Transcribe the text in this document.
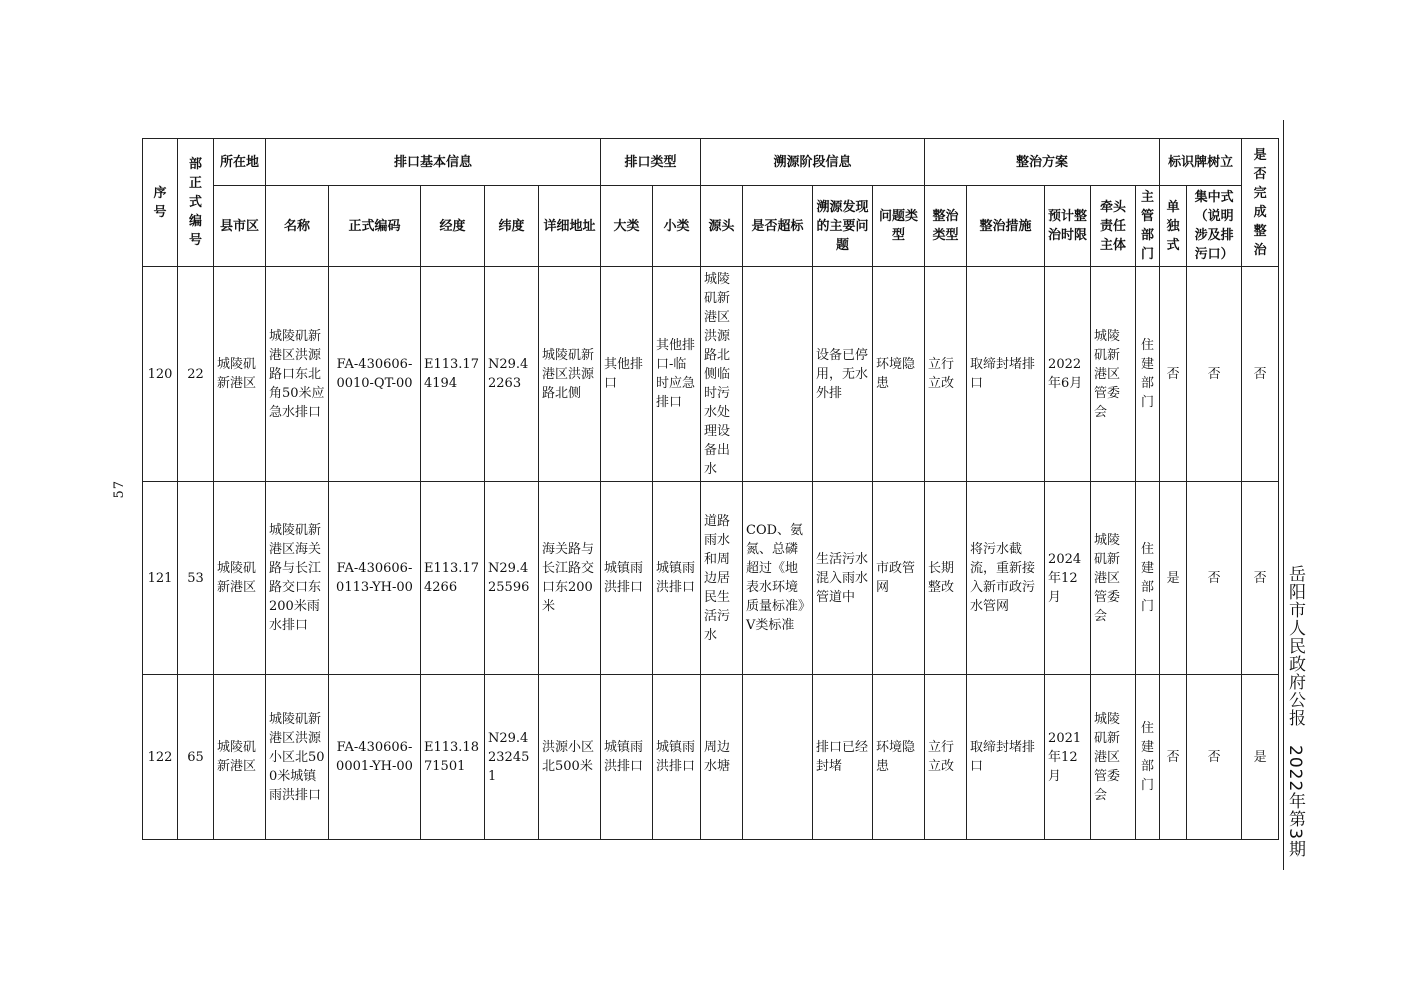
岳阳市人民政府公报　2022年第3期
57
序号	部正式编号	所在地	排口基本信息					排口类型		溯源阶段信息				整治方案					标识牌树立		是否完成整治
		县市区	名称	正式编码	经度	纬度	详细地址	大类	小类	源头	是否超标	溯源发现的主要问题	问题类型	整治类型	整治措施	预计整治时限	牵头责任主体	主管部门	单独式	集中式（说明涉及排污口）	
120	22	城陵矶新港区	城陵矶新港区洪源路口东北角50米应急水排口	FA-430606-0010-QT-00	E113.174194	N29.42263	城陵矶新港区洪源路北侧	其他排口	其他排口-临时应急排口	城陵矶新港区洪源路北侧临时污水处理设备出水		设备已停用，无水外排	环境隐患	立行立改	取缔封堵排口	2022年6月	城陵矶新港区管委会	住建部门	否	否	否
121	53	城陵矶新港区	城陵矶新港区海关路与长江路交口东200米雨水排口	FA-430606-0113-YH-00	E113.174266	N29.425596	海关路与长江路交口东200米	城镇雨洪排口	城镇雨洪排口	道路雨水和周边居民生活污水	COD、氨氮、总磷超过《地表水环境质量标准》V类标准	生活污水混入雨水管道中	市政管网	长期整改	将污水截流，重新接入新市政污水管网	2024年12月	城陵矶新港区管委会	住建部门	是	否	否
122	65	城陵矶新港区	城陵矶新港区洪源小区北500米城镇雨洪排口	FA-430606-0001-YH-00	E113.1871501	N29.4232451	洪源小区北500米	城镇雨洪排口	城镇雨洪排口	周边水塘		排口已经封堵	环境隐患	立行立改	取缔封堵排口	2021年12月	城陵矶新港区管委会	住建部门	否	否	是
